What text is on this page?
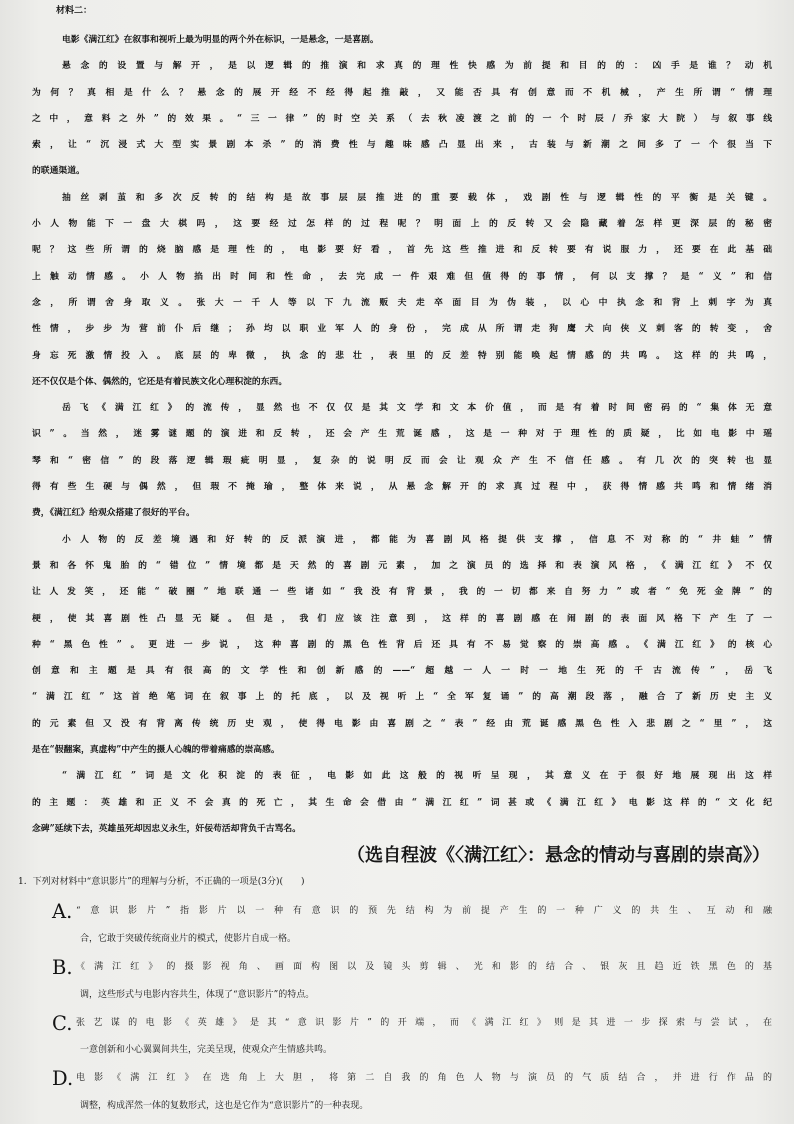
材料二：
电影《满江红》在叙事和视听上最为明显的两个外在标识，一是悬念，一是喜剧。
悬念的设置与解开，是以逻辑的推演和求真的理性快感为前提和目的的：凶手是谁？动机
为何？真相是什么？悬念的展开经不经得起推敲，又能否具有创意而不机械，产生所谓“情理
之中，意料之外”的效果。“三一律”的时空关系（去秋凌渡之前的一个时辰/乔家大院）与叙事线
索，让“沉浸式大型实景剧本杀”的消费性与趣味感凸显出来，古装与新潮之间多了一个很当下
的联通渠道。
抽丝剥茧和多次反转的结构是故事层层推进的重要载体，戏剧性与逻辑性的平衡是关键。
小人物能下一盘大棋吗，这要经过怎样的过程呢？明面上的反转又会隐藏着怎样更深层的秘密
呢？这些所谓的烧脑感是理性的，电影要好看，首先这些推进和反转要有说服力，还要在此基础
上触动情感。小人物掐出时间和性命，去完成一件艰难但值得的事情，何以支撑？是“义”和信
念，所谓舍身取义。张大一千人等以下九流贩夫走卒面目为伪装，以心中执念和背上刺字为真
性情，步步为营前仆后继；孙均以职业军人的身份，完成从所谓走狗鹰犬向侠义刺客的转变，舍
身忘死激情投入。底层的卑微，执念的悲壮，表里的反差特别能唤起情感的共鸣。这样的共鸣，
还不仅仅是个体、偶然的，它还是有着民族文化心理积淀的东西。
岳飞《满江红》的流传，显然也不仅仅是其文学和文本价值，而是有着时间密码的“集体无意
识”。当然，迷雾谜题的演进和反转，还会产生荒诞感，这是一种对于理性的质疑，比如电影中瑶
琴和“密信”的段落逻辑瑕疵明显，复杂的说明反而会让观众产生不信任感。有几次的突转也显
得有些生硬与偶然，但瑕不掩瑜，整体来说，从悬念解开的求真过程中，获得情感共鸣和情绪消
费，《满江红》给观众搭建了很好的平台。
小人物的反差境遇和好转的反派演进，都能为喜剧风格提供支撑，信息不对称的“井蛙”情
景和各怀鬼胎的“错位”情境都是天然的喜剧元素，加之演员的选择和表演风格，《满江红》不仅
让人发笑，还能“破圈”地联通一些诸如“我没有背景，我的一切都来自努力”或者“免死金牌”的
梗，使其喜剧性凸显无疑。但是，我们应该注意到，这样的喜剧感在闹剧的表面风格下产生了一
种“黑色性”。更进一步说，这种喜剧的黑色性背后还具有不易觉察的崇高感。《满江红》的核心
创意和主题是具有很高的文学性和创新感的——“超越一人一时一地生死的千古流传”，岳飞
“满江红”这首绝笔词在叙事上的托底，以及视听上“全军复诵”的高潮段落，融合了新历史主义
的元素但又没有背离传统历史观，使得电影由喜剧之“表”经由荒诞感黑色性入悲剧之“里”，这
是在“假翻案，真虚构”中产生的摄人心魄的带着痛感的崇高感。
“满江红”词是文化积淀的表征，电影如此这般的视听呈现，其意义在于很好地展现出这样
的主题：英雄和正义不会真的死亡，其生命会借由“满江红”词甚或《满江红》电影这样的“文化纪
念碑”延续下去，英雄虽死却因忠义永生，奸佞苟活却背负千古骂名。
（选自程波《〈满江红〉：悬念的情动与喜剧的崇高》）
1. 下列对材料中“意识影片”的理解与分析，不正确的一项是(3分)(　　)
A. “意识影片”指影片以一种有意识的预先结构为前提产生的一种广义的共生、互动和融
合，它敢于突破传统商业片的模式，使影片自成一格。
B. 《满江红》的摄影视角、画面构图以及镜头剪辑、光和影的结合、银灰且趋近铁黑色的基
调，这些形式与电影内容共生，体现了“意识影片”的特点。
C. 张艺谋的电影《英雄》是其“意识影片”的开端，而《满江红》则是其进一步探索与尝试，在
一意创新和小心翼翼间共生，完美呈现，使观众产生情感共鸣。
D. 电影《满江红》在选角上大胆，将第二自我的角色人物与演员的气质结合，并进行作品的
调整，构成浑然一体的复数形式，这也是它作为“意识影片”的一种表现。
